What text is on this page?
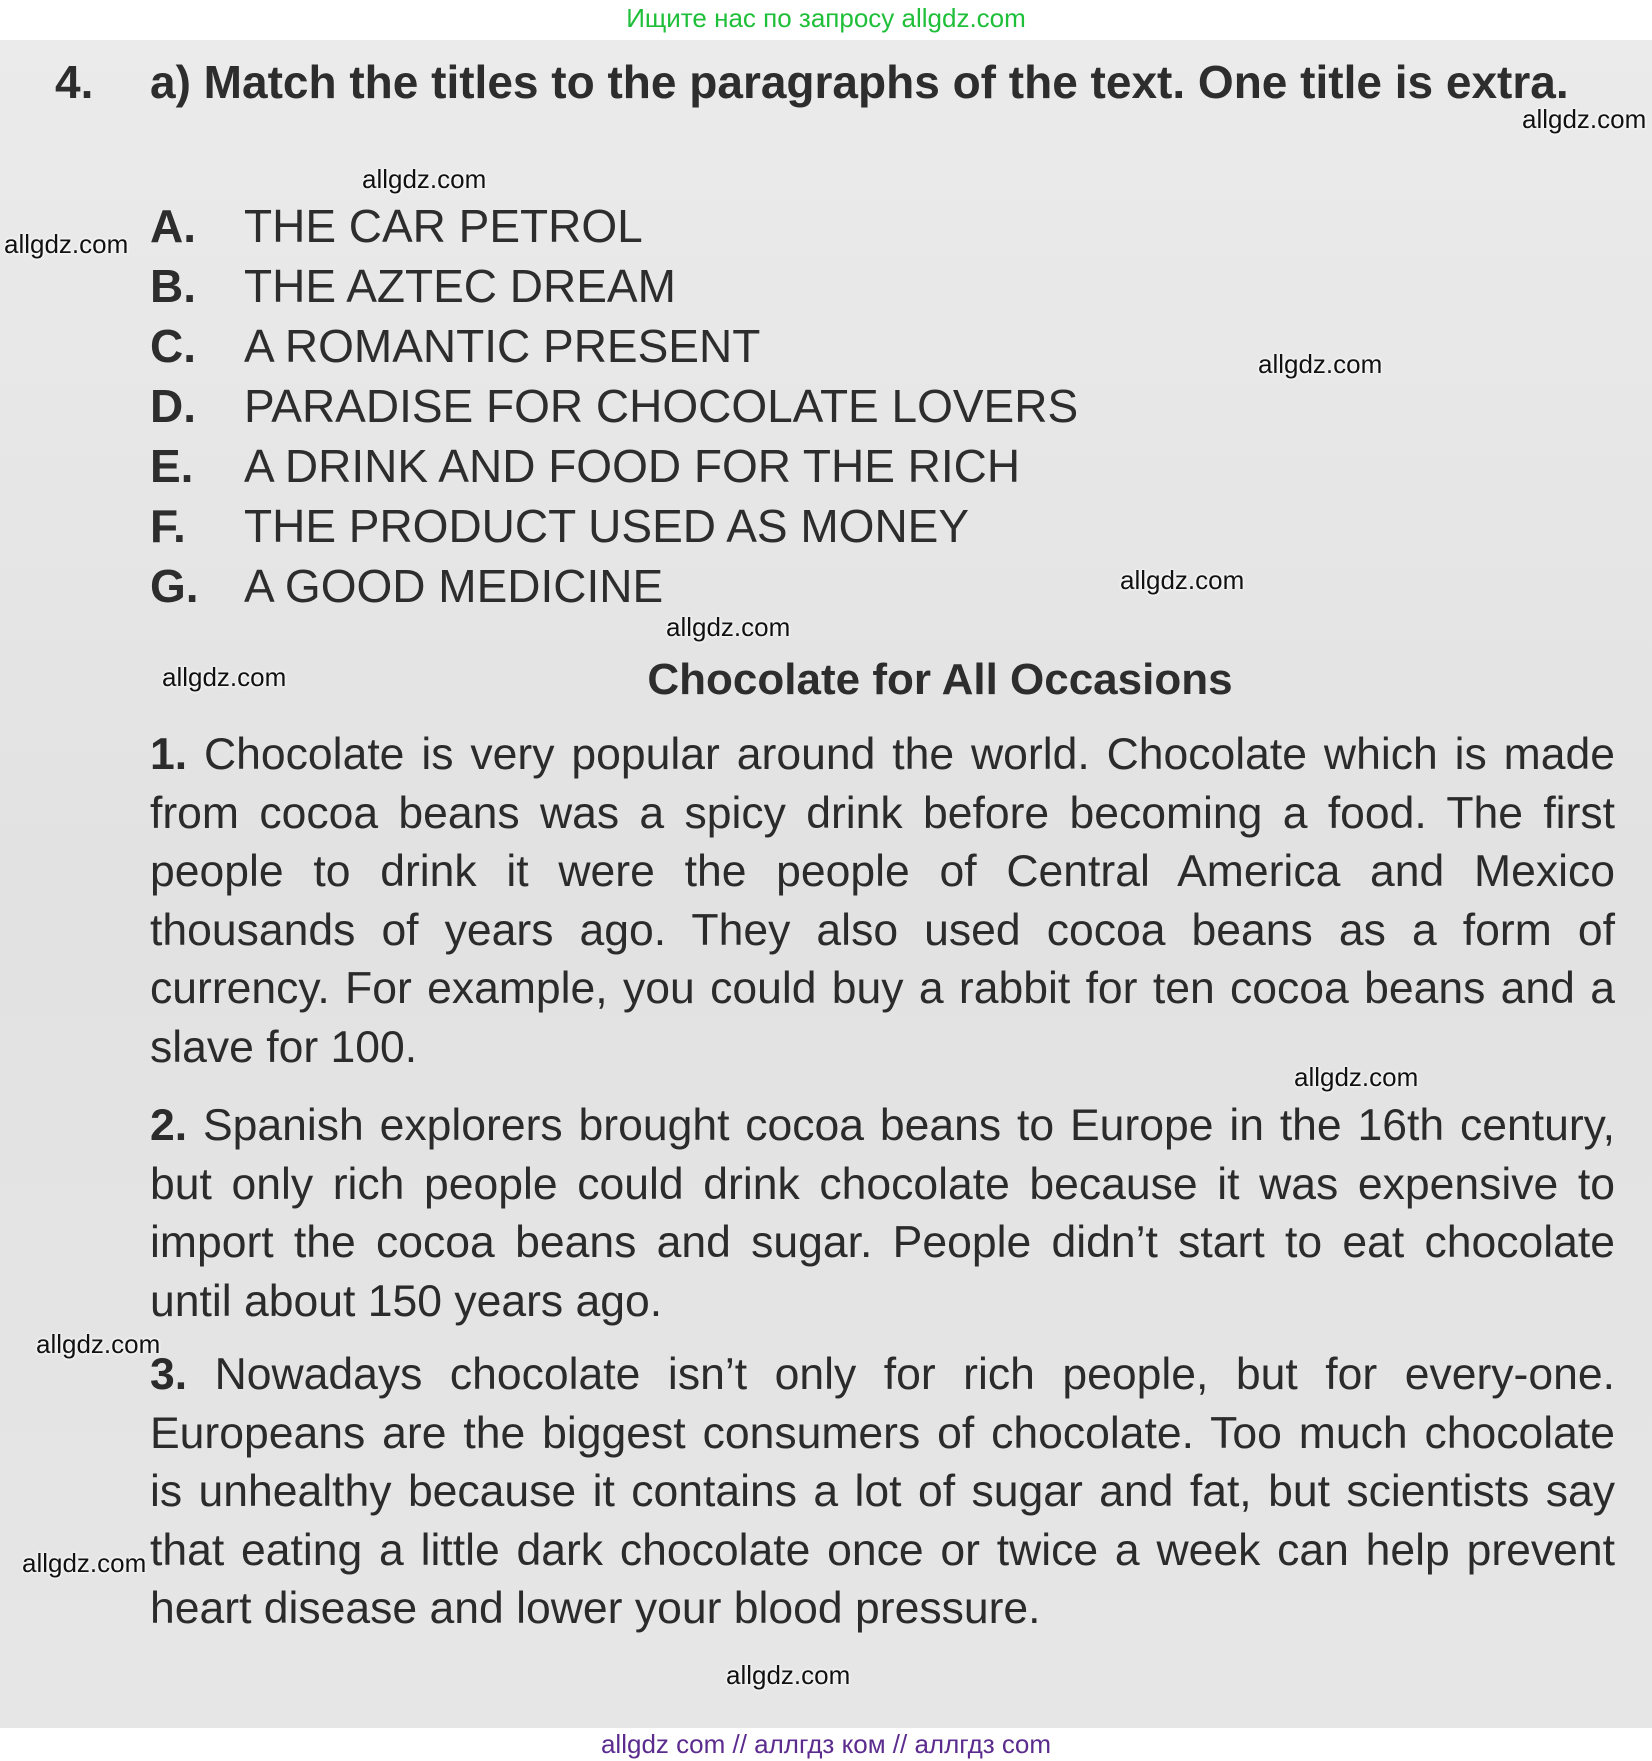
Ищите нас по запросу allgdz.com
4. a) Match the titles to the paragraphs of the text. One title is extra.
A. THE CAR PETROL
B. THE AZTEC DREAM
C. A ROMANTIC PRESENT
D. PARADISE FOR CHOCOLATE LOVERS
E. A DRINK AND FOOD FOR THE RICH
F. THE PRODUCT USED AS MONEY
G. A GOOD MEDICINE
Chocolate for All Occasions
1. Chocolate is very popular around the world. Chocolate which is made from cocoa beans was a spicy drink before becoming a food. The first people to drink it were the people of Central America and Mexico thousands of years ago. They also used cocoa beans as a form of currency. For example, you could buy a rabbit for ten cocoa beans and a slave for 100.
2. Spanish explorers brought cocoa beans to Europe in the 16th century, but only rich people could drink chocolate because it was expensive to import the cocoa beans and sugar. People didn’t start to eat chocolate until about 150 years ago.
3. Nowadays chocolate isn’t only for rich people, but for every-one. Europeans are the biggest consumers of chocolate. Too much chocolate is unhealthy because it contains a lot of sugar and fat, but scientists say that eating a little dark chocolate once or twice a week can help prevent heart disease and lower your blood pressure.
allgdz.com
allgdz.com
allgdz.com
allgdz.com
allgdz.com
allgdz.com
allgdz.com
allgdz.com
allgdz.com
allgdz.com
allgdz.com
allgdz com // аллгдз ком // аллгдз com
